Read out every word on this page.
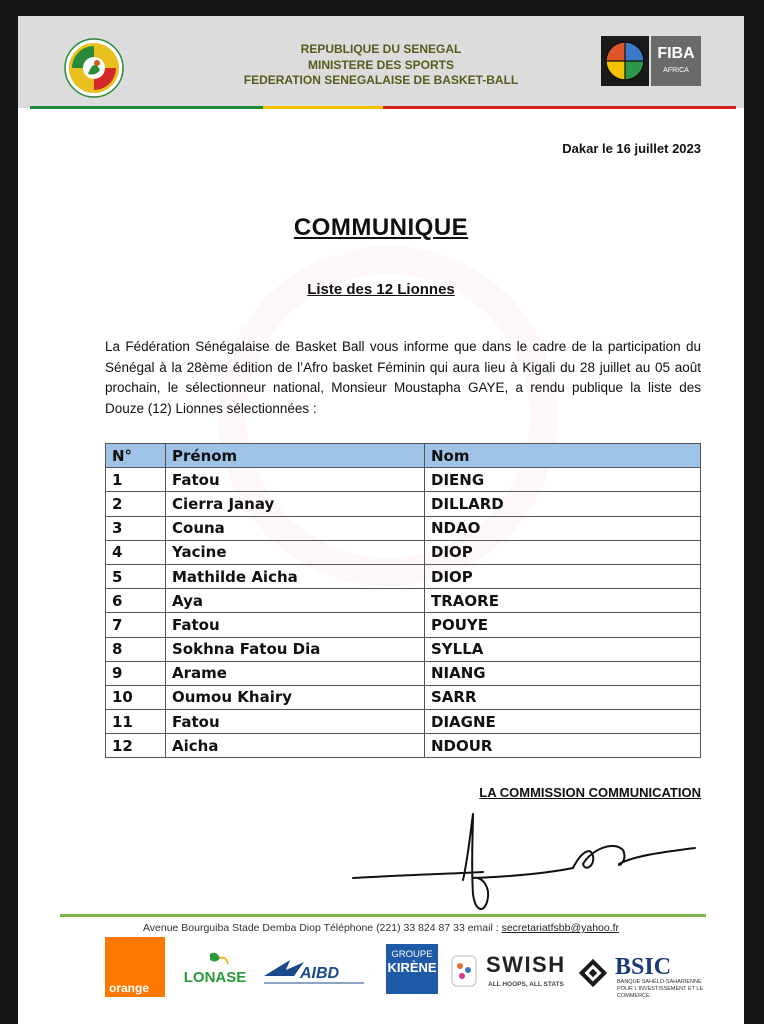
REPUBLIQUE DU SENEGAL
MINISTERE DES SPORTS
FEDERATION SENEGALAISE DE BASKET-BALL
FIBA
AFRICA
Dakar le 16 juillet 2023
COMMUNIQUE
Liste des 12 Lionnes
La Fédération Sénégalaise de Basket Ball vous informe que dans le cadre de la participation du Sénégal à la 28ème édition de l’Afro basket Féminin qui aura lieu à Kigali du 28 juillet au 05 août prochain, le sélectionneur national, Monsieur Moustapha GAYE, a rendu publique la liste des Douze (12) Lionnes sélectionnées :
N°	Prénom	Nom
1	Fatou	DIENG
2	Cierra Janay	DILLARD
3	Couna	NDAO
4	Yacine	DIOP
5	Mathilde Aicha	DIOP
6	Aya	TRAORE
7	Fatou	POUYE
8	Sokhna Fatou Dia	SYLLA
9	Arame	NIANG
10	Oumou Khairy	SARR
11	Fatou	DIAGNE
12	Aicha	NDOUR
LA COMMISSION COMMUNICATION
Avenue Bourguiba Stade Demba Diop Téléphone (221) 33 824 87 33 email : secretariatfsbb@yahoo.fr
orange
LONASE	AIBD
GROUPE
KIRÈNE SWISH
ALL HOOPS, ALL STATS
BSIC
BANQUE SAHÉLO-SAHARIENNE POUR L'INVESTISSEMENT ET LE COMMERCE
